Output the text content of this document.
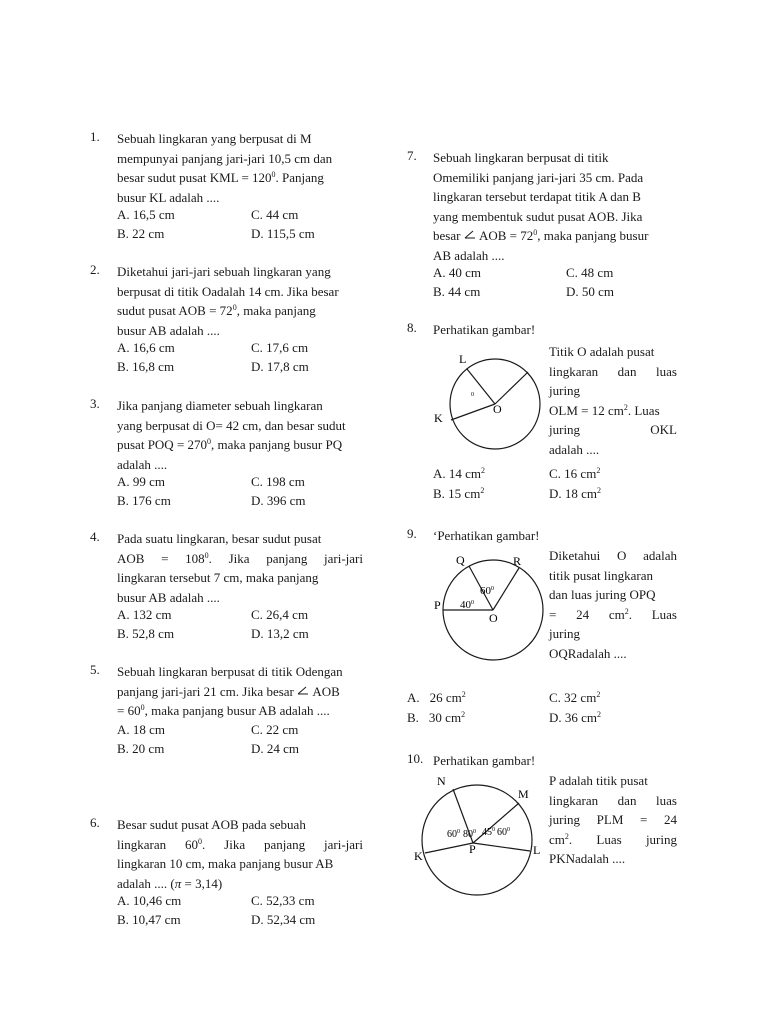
1. Sebuah lingkaran yang berpusat di M
mempunyai panjang jari-jari 10,5 cm dan
besar sudut pusat KML = $120^0$. Panjang
busur KL adalah ....
A. 16,5 cm	C. 44 cm
B. 22 cm	D. 115,5 cm
2. Diketahui jari-jari sebuah lingkaran yang
berpusat di titik Oadalah 14 cm. Jika besar
sudut pusat AOB = $72^0$, maka panjang
busur AB adalah ....
A. 16,6 cm	C. 17,6 cm
B. 16,8 cm	D. 17,8 cm
3. Jika panjang diameter sebuah lingkaran
yang berpusat di O= 42 cm, dan besar sudut
pusat POQ = $270^0$, maka panjang busur PQ
adalah ....
A. 99 cm	C. 198 cm
B. 176 cm	D. 396 cm
4. Pada suatu lingkaran, besar sudut pusat
AOB = $108^0$. Jika panjang jari-jari
lingkaran tersebut 7 cm, maka panjang
busur AB adalah ....
A. 132 cm	C. 26,4 cm
B. 52,8 cm	D. 13,2 cm
5. Sebuah lingkaran berpusat di titik Odengan
panjang jari-jari 21 cm. Jika besar AOB
= $60^0$, maka panjang busur AB adalah ....
A. 18 cm	C. 22 cm
B. 20 cm	D. 24 cm
6. Besar sudut pusat AOB pada sebuah
lingkaran $60^0$. Jika panjang jari-jari
lingkaran 10 cm, maka panjang busur AB
adalah .... (π = 3,14)
A. 10,46 cm	C. 52,33 cm
B. 10,47 cm	D. 52,34 cm
7. Sebuah lingkaran berpusat di titik
Omemiliki panjang jari-jari 35 cm. Pada
lingkaran tersebut terdapat titik A dan B
yang membentuk sudut pusat AOB. Jika
besar AOB = $72^0$, maka panjang busur
AB adalah ....
A. 40 cm	C. 48 cm
B. 44 cm	D. 50 cm
8. Perhatikan gambar!
L
K
O
0
Titik O adalah pusat
lingkaran dan luas
juring
OLM = 12 $cm^2$. Luas
juring OKL
adalah ....
A. 14 $cm^2$	C. 16 $cm^2$
B. 15 $cm^2$	D. 18 $cm^2$
9. ‘Perhatikan gambar!
Q	R
P
O
$60^0$
$40^0$
Diketahui O adalah
titik pusat lingkaran
dan luas juring OPQ
= 24 $cm^2$. Luas
juring
OQRadalah ....
A. 26 $cm^2$	C. 32 $cm^2$
B. 30 $cm^2$	D. 36 $cm^2$
10. Perhatikan gambar!
N
M
K	L
P
$60^0$ $80^0$ $45^0$ $60^0$
P adalah titik pusat
lingkaran dan luas
juring PLM = 24
$cm^2$. Luas juring
PKNadalah ....
